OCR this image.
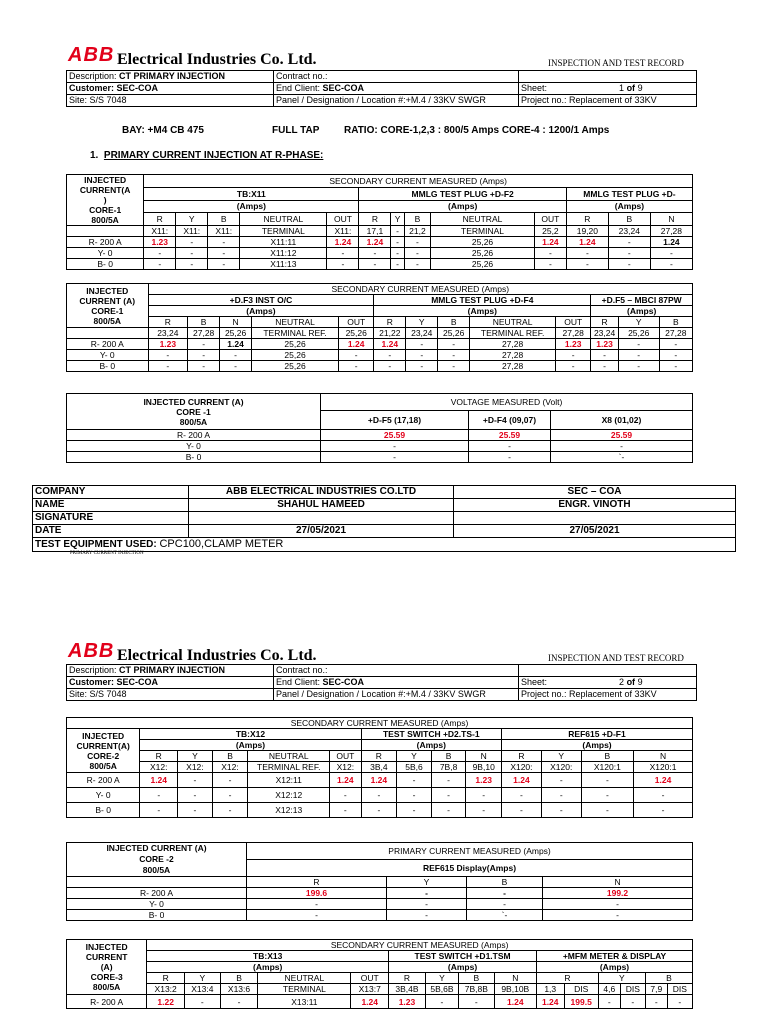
ABB Electrical Industries Co. Ltd.	INSPECTION AND TEST RECORD
Description: CT PRIMARY INJECTION	Contract no.:	
Customer: SEC-COA	End Client: SEC-COA	Sheet: 1 of 9
Site: S/S 7048	Panel / Designation / Location #:+M.4 / 33KV SWGR	Project no.: Replacement of 33KV
BAY: +M4 CB 475	FULL TAP RATIO: CORE-1,2,3 : 800/5 Amps CORE-4 : 1200/1 Amps
1. PRIMARY CURRENT INJECTION AT R-PHASE:
INJECTED
CURRENT(A
)
CORE-1
800/5A	SECONDARY CURRENT MEASURED (Amps)												
	TB:X11					MMLG TEST PLUG +D-F2					MMLG TEST PLUG +D-		
	(Amps)					(Amps)					(Amps)		
	R	Y	B	NEUTRAL	OUT	R	Y	B	NEUTRAL	OUT	R	B	N
	X11:	X11:	X11:	TERMINAL	X11:	17,1	-	21,2	TERMINAL	25,2	19,20	23,24	27,28
R- 200 A	1.23	-	-	X11:11	1.24	1.24	-	-	25,26	1.24	1.24	-	1.24
Y- 0	-	-	-	X11:12	-	-	-	-	25,26	-	-	-	-
B- 0	-	-	-	X11:13	-	-	-	-	25,26	-	-	-	-
INJECTED
CURRENT (A)
CORE-1
800/5A	SECONDARY CURRENT MEASURED (Amps)												
	+D.F3 INST O/C					MMLG TEST PLUG +D-F4					+D.F5 – MBCI 87PW		
	(Amps)					(Amps)					(Amps)		
	R	B	N	NEUTRAL	OUT	R	Y	B	NEUTRAL	OUT	R	Y	B
	23,24	27,28	25,26	TERMINAL REF.	25,26	21,22	23,24	25,26	TERMINAL REF.	27,28	23,24	25,26	27,28
R- 200 A	1.23	-	1.24	25,26	1.24	1.24	-	-	27,28	1.23	1.23	-	-
Y- 0	-	-	-	25,26	-	-	-	-	27,28	-	-	-	-
B- 0	-	-	-	25,26	-	-	-	-	27,28	-	-	-	-
INJECTED CURRENT (A)
CORE -1
800/5A	VOLTAGE MEASURED (Volt)		
	+D-F5 (17,18)	+D-F4 (09,07)	X8 (01,02)
R- 200 A	25.59	25.59	25.59
Y- 0	-	-	-
B- 0	-	-	`-
COMPANY	ABB ELECTRICAL INDUSTRIES CO.LTD	SEC – COA
NAME	SHAHUL HAMEED	ENGR. VINOTH
SIGNATURE		
DATE	27/05/2021	27/05/2021
TEST EQUIPMENT USED: CPC100,CLAMP METER		
PRIMARY CURRENT INJECTION
ABB Electrical Industries Co. Ltd.	INSPECTION AND TEST RECORD
Description: CT PRIMARY INJECTION	Contract no.:	
Customer: SEC-COA	End Client: SEC-COA	Sheet: 2 of 9
Site: S/S 7048	Panel / Designation / Location #:+M.4 / 33KV SWGR	Project no.: Replacement of 33KV
SECONDARY CURRENT MEASURED (Amps)													

INJECTED
CURRENT(A)
CORE-2
800/5A	TB:X12					TEST SWITCH +D2.TS-1				REF615 +D-F1			
	(Amps)					(Amps)				(Amps)			
	R	Y	B	NEUTRAL	OUT	R	Y	B	N	R	Y	B	N
	X12:	X12:	X12:	TERMINAL REF.	X12:	3B,4	5B,6	7B,8	9B,10	X120:	X120:	X120:1	X120:1
R- 200 A	1.24	-	-	X12:11	1.24	1.24	-	-	1.23	1.24	-	-	1.24
Y- 0	-	-	-	X12:12	-	-	-	-	-	-	-	-	-
B- 0	-	-	-	X12:13	-	-	-	-	-	-	-	-	-
INJECTED CURRENT (A)
CORE -2
800/5A	PRIMARY CURRENT MEASURED (Amps)			
	REF615 Display(Amps)			
	R	Y	B	N
R- 200 A	199.6	-	-	199.2
Y- 0	-	-	-	-
B- 0	-	-	`-	-
INJECTED
CURRENT
(A)
CORE-3
800/5A	SECONDARY CURRENT MEASURED (Amps)														
	TB:X13					TEST SWITCH +D1.TSM				+MFM METER & DISPLAY					
	(Amps)					(Amps)				(Amps)					
	R	Y	B	NEUTRAL	OUT	R	Y	B	N	R		Y		B	
	X13:2	X13:4	X13:6	TERMINAL	X13:7	3B,4B	5B,6B	7B,8B	9B,10B	1,3	DIS	4,6	DIS	7,9	DIS
R- 200 A	1.22	-	-	X13:11	1.24	1.23	-	-	1.24	1.24	199.5	-	-	-	-
